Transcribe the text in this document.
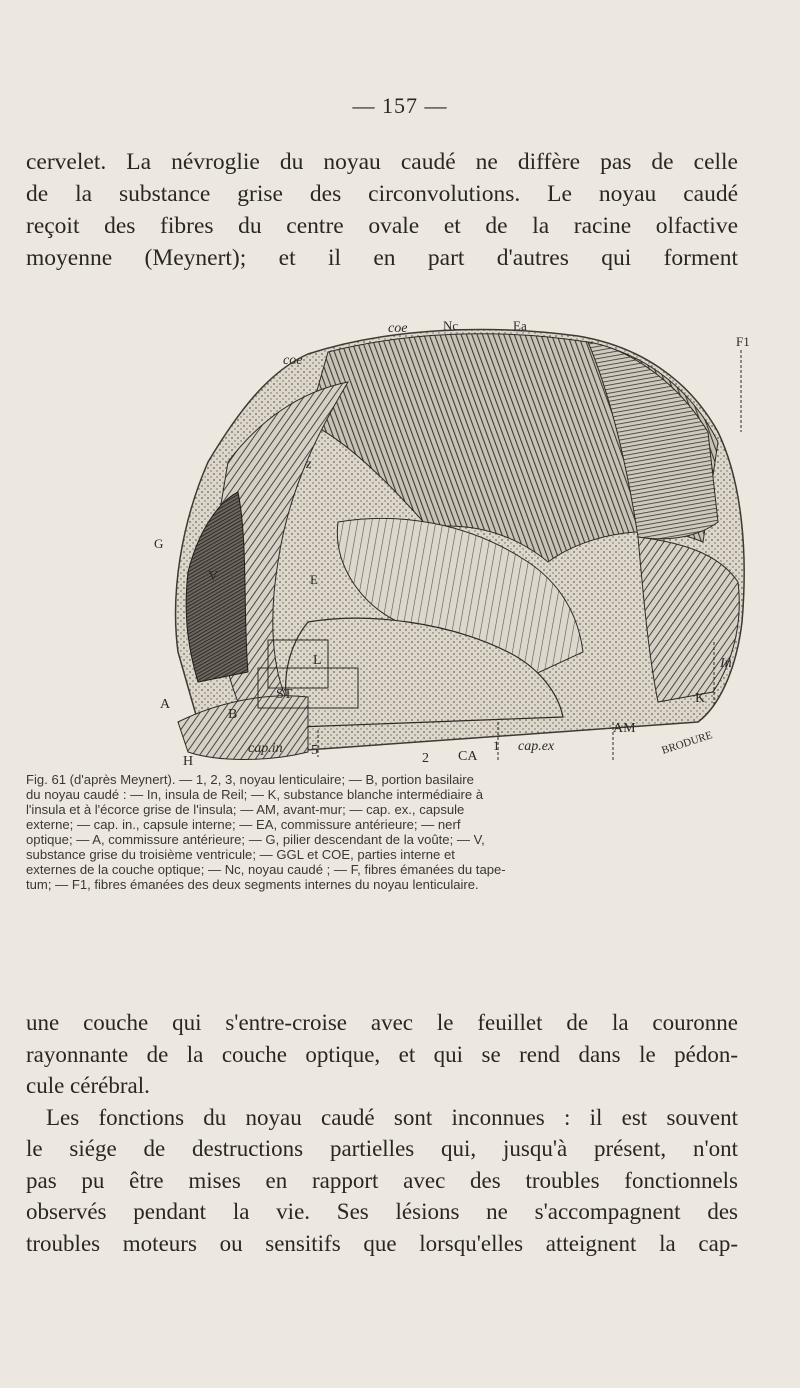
— 157 —

cervelet. La névroglie du noyau caudé ne diffère pas de celle
de la substance grise des circonvolutions. Le noyau caudé
reçoit des fibres du centre ovale et de la racine olfactive
moyenne (Meynert); et il en part d'autres qui forment

coe	Nc	Ea
F1
coe
z
G
V	E
L
ST
B
A
In
K
AM
H
cap.in 5
2 CA
1 cap.ex	BRODURE

Fig. 61 (d'après Meynert). — 1, 2, 3, noyau lenticulaire; — B, portion basilaire
du noyau caudé : — In, insula de Reil; — K, substance blanche intermédiaire à
l'insula et à l'écorce grise de l'insula; — AM, avant-mur; — cap. ex., capsule
externe; — cap. in., capsule interne; — EA, commissure antérieure; — nerf
optique; — A, commissure antérieure; — G, pilier descendant de la voûte; — V,
substance grise du troisième ventricule; — GGL et COE, parties interne et
externes de la couche optique; — Nc, noyau caudé ; — F, fibres émanées du tape-
tum; — F1, fibres émanées des deux segments internes du noyau lenticulaire.

une couche qui s'entre-croise avec le feuillet de la couronne
rayonnante de la couche optique, et qui se rend dans le pédon-
cule cérébral.
Les fonctions du noyau caudé sont inconnues : il est souvent
le siége de destructions partielles qui, jusqu'à présent, n'ont
pas pu être mises en rapport avec des troubles fonctionnels
observés pendant la vie. Ses lésions ne s'accompagnent des
troubles moteurs ou sensitifs que lorsqu'elles atteignent la cap-
